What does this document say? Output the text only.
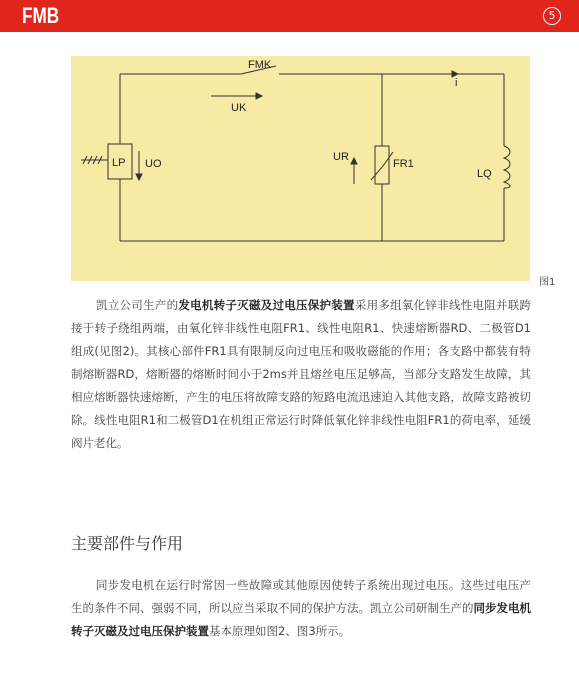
FMB	5
FMK
UK
i
LP UO
UR
FR1
LQ
图1

凯立公司生产的发电机转子灭磁及过电压保护装置采用多组氧化锌非线性电阻并联跨接于转子绕组两端，由氧化锌非线性电阻FR1、线性电阻R1、快速熔断器RD、二极管D1组成(见图2)。其核心部件FR1具有限制反向过电压和吸收磁能的作用；各支路中都装有特制熔断器RD，熔断器的熔断时间小于2ms并且熔丝电压足够高，当部分支路发生故障，其相应熔断器快速熔断，产生的电压将故障支路的短路电流迅速迫入其他支路，故障支路被切除。线性电阻R1和二极管D1在机组正常运行时降低氧化锌非线性电阻FR1的荷电率，延缓阀片老化。

主要部件与作用

同步发电机在运行时常因一些故障或其他原因使转子系统出现过电压。这些过电压产生的条件不同、强弱不同，所以应当采取不同的保护方法。凯立公司研制生产的同步发电机转子灭磁及过电压保护装置基本原理如图2、图3所示。
